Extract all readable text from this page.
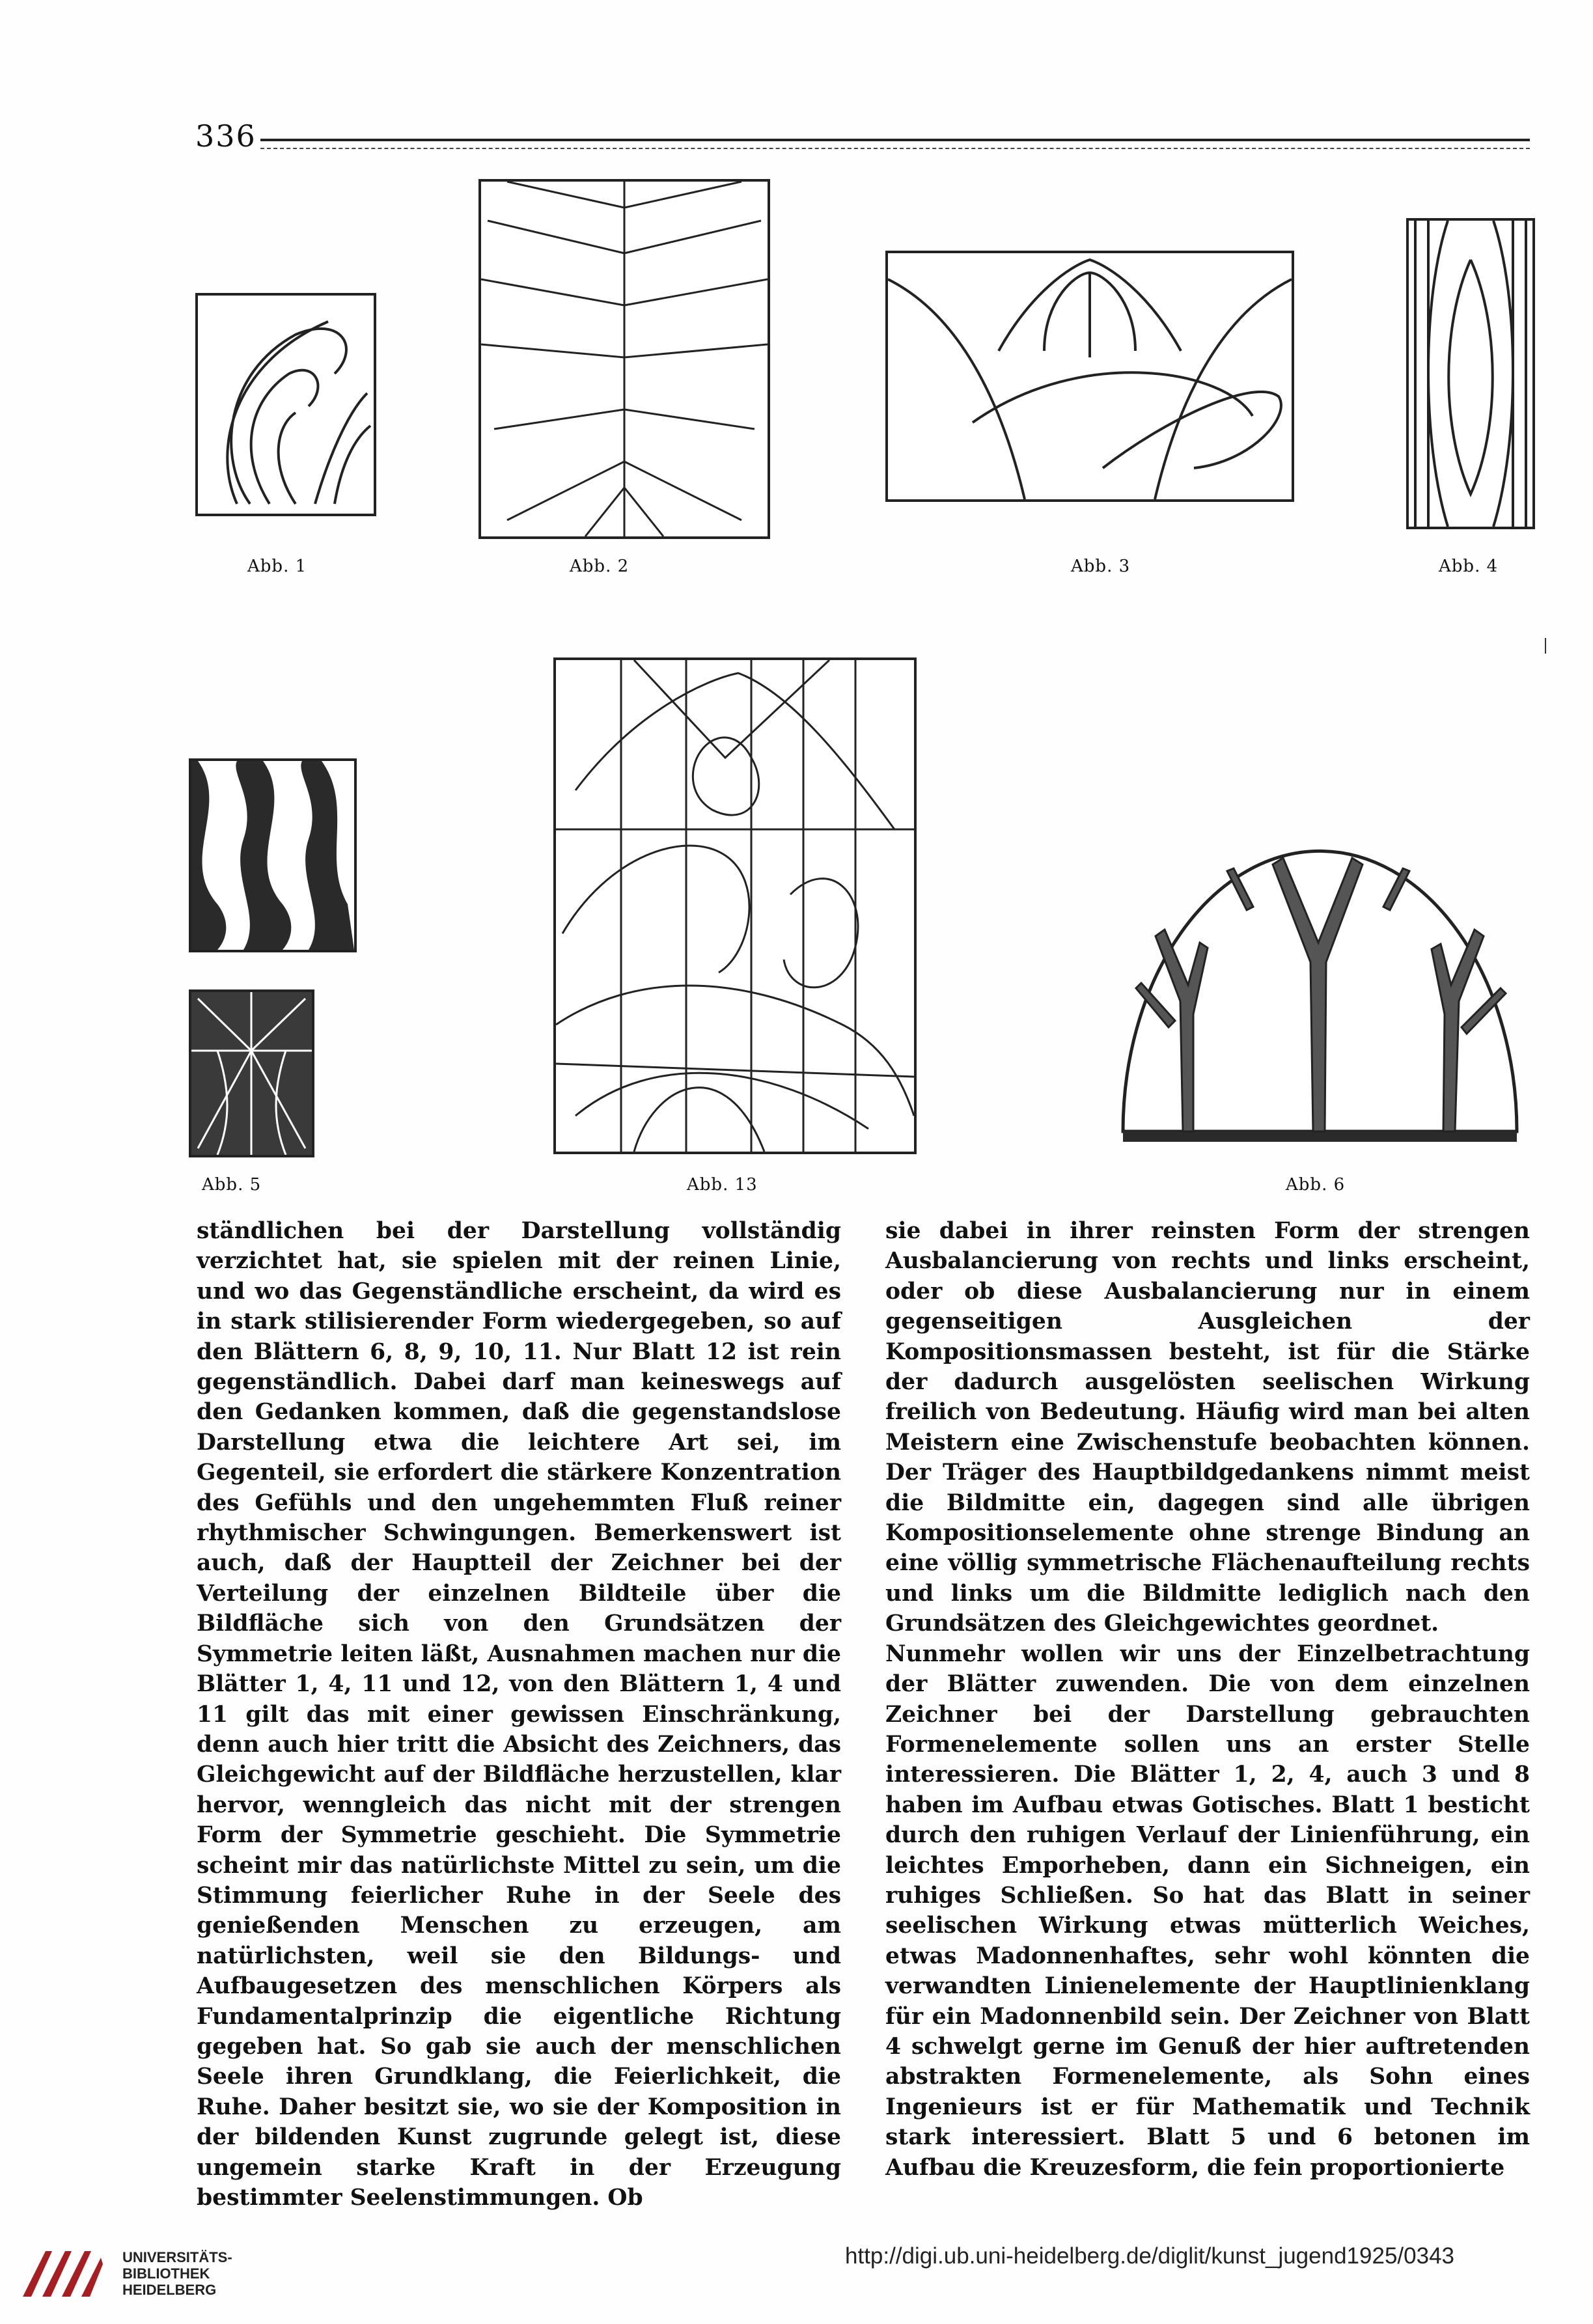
336
Abb. 1	Abb. 2	Abb. 3	Abb. 4
Abb. 5	Abb. 13	Abb. 6
ständlichen bei der Darstellung vollständig verzichtet hat, sie spielen mit der reinen Linie, und wo das Gegenständliche erscheint, da wird es in stark stilisierender Form wiedergegeben, so auf den Blättern 6, 8, 9, 10, 11. Nur Blatt 12 ist rein gegenständlich. Dabei darf man keineswegs auf den Gedanken kommen, daß die gegenstandslose Darstellung etwa die leichtere Art sei, im Gegenteil, sie erfordert die stärkere Konzentration des Gefühls und den ungehemmten Fluß reiner rhythmischer Schwingungen. Bemerkenswert ist auch, daß der Hauptteil der Zeichner bei der Verteilung der einzelnen Bildteile über die Bildfläche sich von den Grundsätzen der Symmetrie leiten läßt, Ausnahmen machen nur die Blätter 1, 4, 11 und 12, von den Blättern 1, 4 und 11 gilt das mit einer gewissen Einschränkung, denn auch hier tritt die Absicht des Zeichners, das Gleichgewicht auf der Bildfläche herzustellen, klar hervor, wenngleich das nicht mit der strengen Form der Symmetrie geschieht. Die Symmetrie scheint mir das natürlichste Mittel zu sein, um die Stimmung feierlicher Ruhe in der Seele des genießenden Menschen zu erzeugen, am natürlichsten, weil sie den Bildungs- und Aufbaugesetzen des menschlichen Körpers als Fundamentalprinzip die eigentliche Richtung gegeben hat. So gab sie auch der menschlichen Seele ihren Grundklang, die Feierlichkeit, die Ruhe. Daher besitzt sie, wo sie der Komposition in der bildenden Kunst zugrunde gelegt ist, diese ungemein starke Kraft in der Erzeugung bestimmter Seelenstimmungen. Ob
sie dabei in ihrer reinsten Form der strengen Ausbalancierung von rechts und links erscheint, oder ob diese Ausbalancierung nur in einem gegenseitigen Ausgleichen der Kompositionsmassen besteht, ist für die Stärke der dadurch ausgelösten seelischen Wirkung freilich von Bedeutung. Häufig wird man bei alten Meistern eine Zwischenstufe beobachten können. Der Träger des Hauptbildgedankens nimmt meist die Bildmitte ein, dagegen sind alle übrigen Kompositionselemente ohne strenge Bindung an eine völlig symmetrische Flächenaufteilung rechts und links um die Bildmitte lediglich nach den Grundsätzen des Gleichgewichtes geordnet.
Nunmehr wollen wir uns der Einzelbetrachtung der Blätter zuwenden. Die von dem einzelnen Zeichner bei der Darstellung gebrauchten Formenelemente sollen uns an erster Stelle interessieren. Die Blätter 1, 2, 4, auch 3 und 8 haben im Aufbau etwas Gotisches. Blatt 1 besticht durch den ruhigen Verlauf der Linienführung, ein leichtes Emporheben, dann ein Sichneigen, ein ruhiges Schließen. So hat das Blatt in seiner seelischen Wirkung etwas mütterlich Weiches, etwas Madonnenhaftes, sehr wohl könnten die verwandten Linienelemente der Hauptlinienklang für ein Madonnenbild sein. Der Zeichner von Blatt 4 schwelgt gerne im Genuß der hier auftretenden abstrakten Formenelemente, als Sohn eines Ingenieurs ist er für Mathematik und Technik stark interessiert. Blatt 5 und 6 betonen im Aufbau die Kreuzesform, die fein proportionierte
UNIVERSITÄTS-
BIBLIOTHEK
HEIDELBERG
http://digi.ub.uni-heidelberg.de/diglit/kunst_jugend1925/0343
